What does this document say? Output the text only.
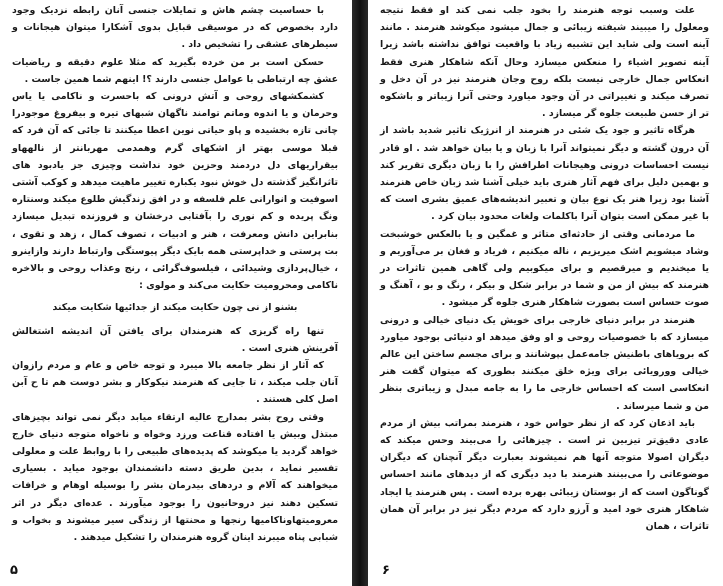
با حساسیت چشم هاش و تمایلات جنسی آنان رابطه نزدیک وجود دارد بخصوص که در موسیقی قبایل بدوی آشکارا میتوان هیجانات و سیطرهای عشقی را تشخیص داد .

حسکن است بر من خرده بگیرید که مثلا علوم دقیقه و ریاضیات عشق چه ارتباطی با عوامل جنسی دارند ؟! اینهم شما همین جاست .

کشمکشهای روحی و آتش درونی که باحسرت و ناکامی یا یاس وحرمان و یا اندوه وماتم توامند ناگهان شبهای تیره و بیفروغ موجودرا چانی تازه بخشیده و پاو حیاتی نوین اعطا میکنند تا جائی که آن فرد که قبلا موسی بهتر از اشکهای گرم وهمدمی مهربانتر از نالههاو بیقراریهای دل دردمند وحزین خود نداشت وچیزی جز یادبود های تاثرانگیز گذشته دل خوش نبود یکباره تغییر ماهیت میدهد و کوکب آشتی اسوفیت و انوارانی علم فلسفه و در افق زندگیش طلوع میکند وسنتاره ونگ پریده و کم نوری را بآفتابی درخشان و فروزنده تبدیل میسازد بنابراین دانش ومعرفت ، هنر و ادبیات ، تصوف کمال ، زهد و تقوی ، بت پرستی و خداپرستی همه بایک دیگر پیوستگی وارتباط دارند وازاینرو ، خیال‌پردازی وشیدائی ، فیلسوف‌گرائی ، رنج وعذاب روحی و بالاخره ناکامی ومحرومیت حکایت می‌کند و مولوی :

بشنو از نی چون حکایت میکند از جدائیها شکایت میکند

تنها راه گریزی که هنرمندان برای یافتن آن اندیشه اشتغالش آفرینش هنری است .

که آثار از نظر جامعه بالا میبرد و توجه خاص و عام و مردم رازوان آنان جلب میکند ، تا جایی که هنرمند نیکوکار و بشر دوست هم تا ح آبن اصل کلی هستند .

وقتی روح بشر بمدارج عالیه ارتقاء میابد دیگر نمی تواند بچیزهای مبتذل وبیش یا افتاده قناعت ورزد وخواه و ناخواه متوجه دنیای خارج خواهد گردید یا میکوشد که پدیده‌های طبیعی را با روابط علت و معلولی تفسیر نماید ، بدین طریق دسته دانشمندان بوجود میاید . بسیاری میخواهند که آلام و دردهای بیدرمان بشر را بوسیله اوهام و خرافات تسکین دهند نیز دروحانیون را بوجود میآورند . عده‌ای دیگر در اثر معرومیتهاوناکامیها رنجها و محنتها از زندگی سیر میشوند و بخواب و شبابی پناه میبرند اینان گروه هنرمندان را تشکیل میدهند .

۵

علت وسبب توجه هنرمند را بخود جلب نمی کند او فقط نتیجه ومعلول را میبیند شیفته زیبائی و جمال میشود میکوشد هنرمند . مانند آینه است ولی شاید این تشبیه زیاد با واقعیت توافق نداشته باشد زیرا آینه تصویر اشیاء را منعکس میسازد وحال آنکه شاهکار هنری فقط انعکاس جمال خارجی نیست بلکه روح وجان هنرمند نیز در آن دخل و تصرف میکند و تغییراتی در آن وجود میاورد وحتی آنرا زیباتر و باشکوه تر از حسن طبیعت جلوه گر میسازد .

هرگاه تاثیر و جود یک شئی در هنرمند از انرژیک تاثیر شدید باشد از آن درون گشته و دیگر نمیتواند آنرا با زبان و یا بیان خواهد شد . او قادر نیست احساسات درونی وهیجانات اطرافش را با زبان دیگری تقریر کند و بهمین دلیل برای فهم آثار هنری باید خیلی آشنا شد زبان خاص هنرمند آشنا بود زیرا هنر یک نوع بیان و تعبیر اندیشه‌های عمیق بشری است که با غیر ممکن است بتوان آنرا باکلمات ولغات محدود بیان کرد .

ما مردمانی وقتی از حادثه‌ای متاثر و غمگین و یا بالعکس خوشبخت وشاد میشویم اشک میریزیم ، ناله میکنیم ، فریاد و فغان بر می‌آوریم و یا میخندیم و میرقصیم و برای میکوبیم ولی گاهی همین تاثرات در هنرمند که بیش از من و شما در برابر شکل و بیکر ، رنگ و بو ، آهنگ و صوت حساس است بصورت شاهکار هنری جلوه گر میشود .

هنرمند در برابر دنیای خارجی برای خویش یک دنیای خیالی و درونی میسازد که با خصوصیات روحی و او وفق میدهد او دنیائی بوجود میاورد که برویاهای باطنیش جامه‌عمل بپوشانند و برای مجسم ساختن این عالم خیالی وورویائی برای ویژه خلق میکنند بطوری که میتوان گفت هنر انعکاسی است که احساس خارجی ما را به جامه مبدل و زیباتری بنظر من و شما میرساند .

باید اذعان کرد که از نظر حواس خود ، هنرمند بمراتب بیش از مردم عادی دقیق‌تر تیزبین تر است . چیزهائی را می‌بیند وحس میکند که دیگران اصولا متوجه آنها هم نمیشوند بعبارت دیگر آنچنان که دیگران موضوعاتی را می‌بینند هنرمند با دید دیگری که از دیدهای مانند احساس گوناگون است که از بوستان زیبائی بهره برده است . پس هنرمند یا ایجاد شاهکار هنری خود امید و آرزو دارد که مردم دیگر نیز در برابر آن همان تاثرات ، همان

۶
